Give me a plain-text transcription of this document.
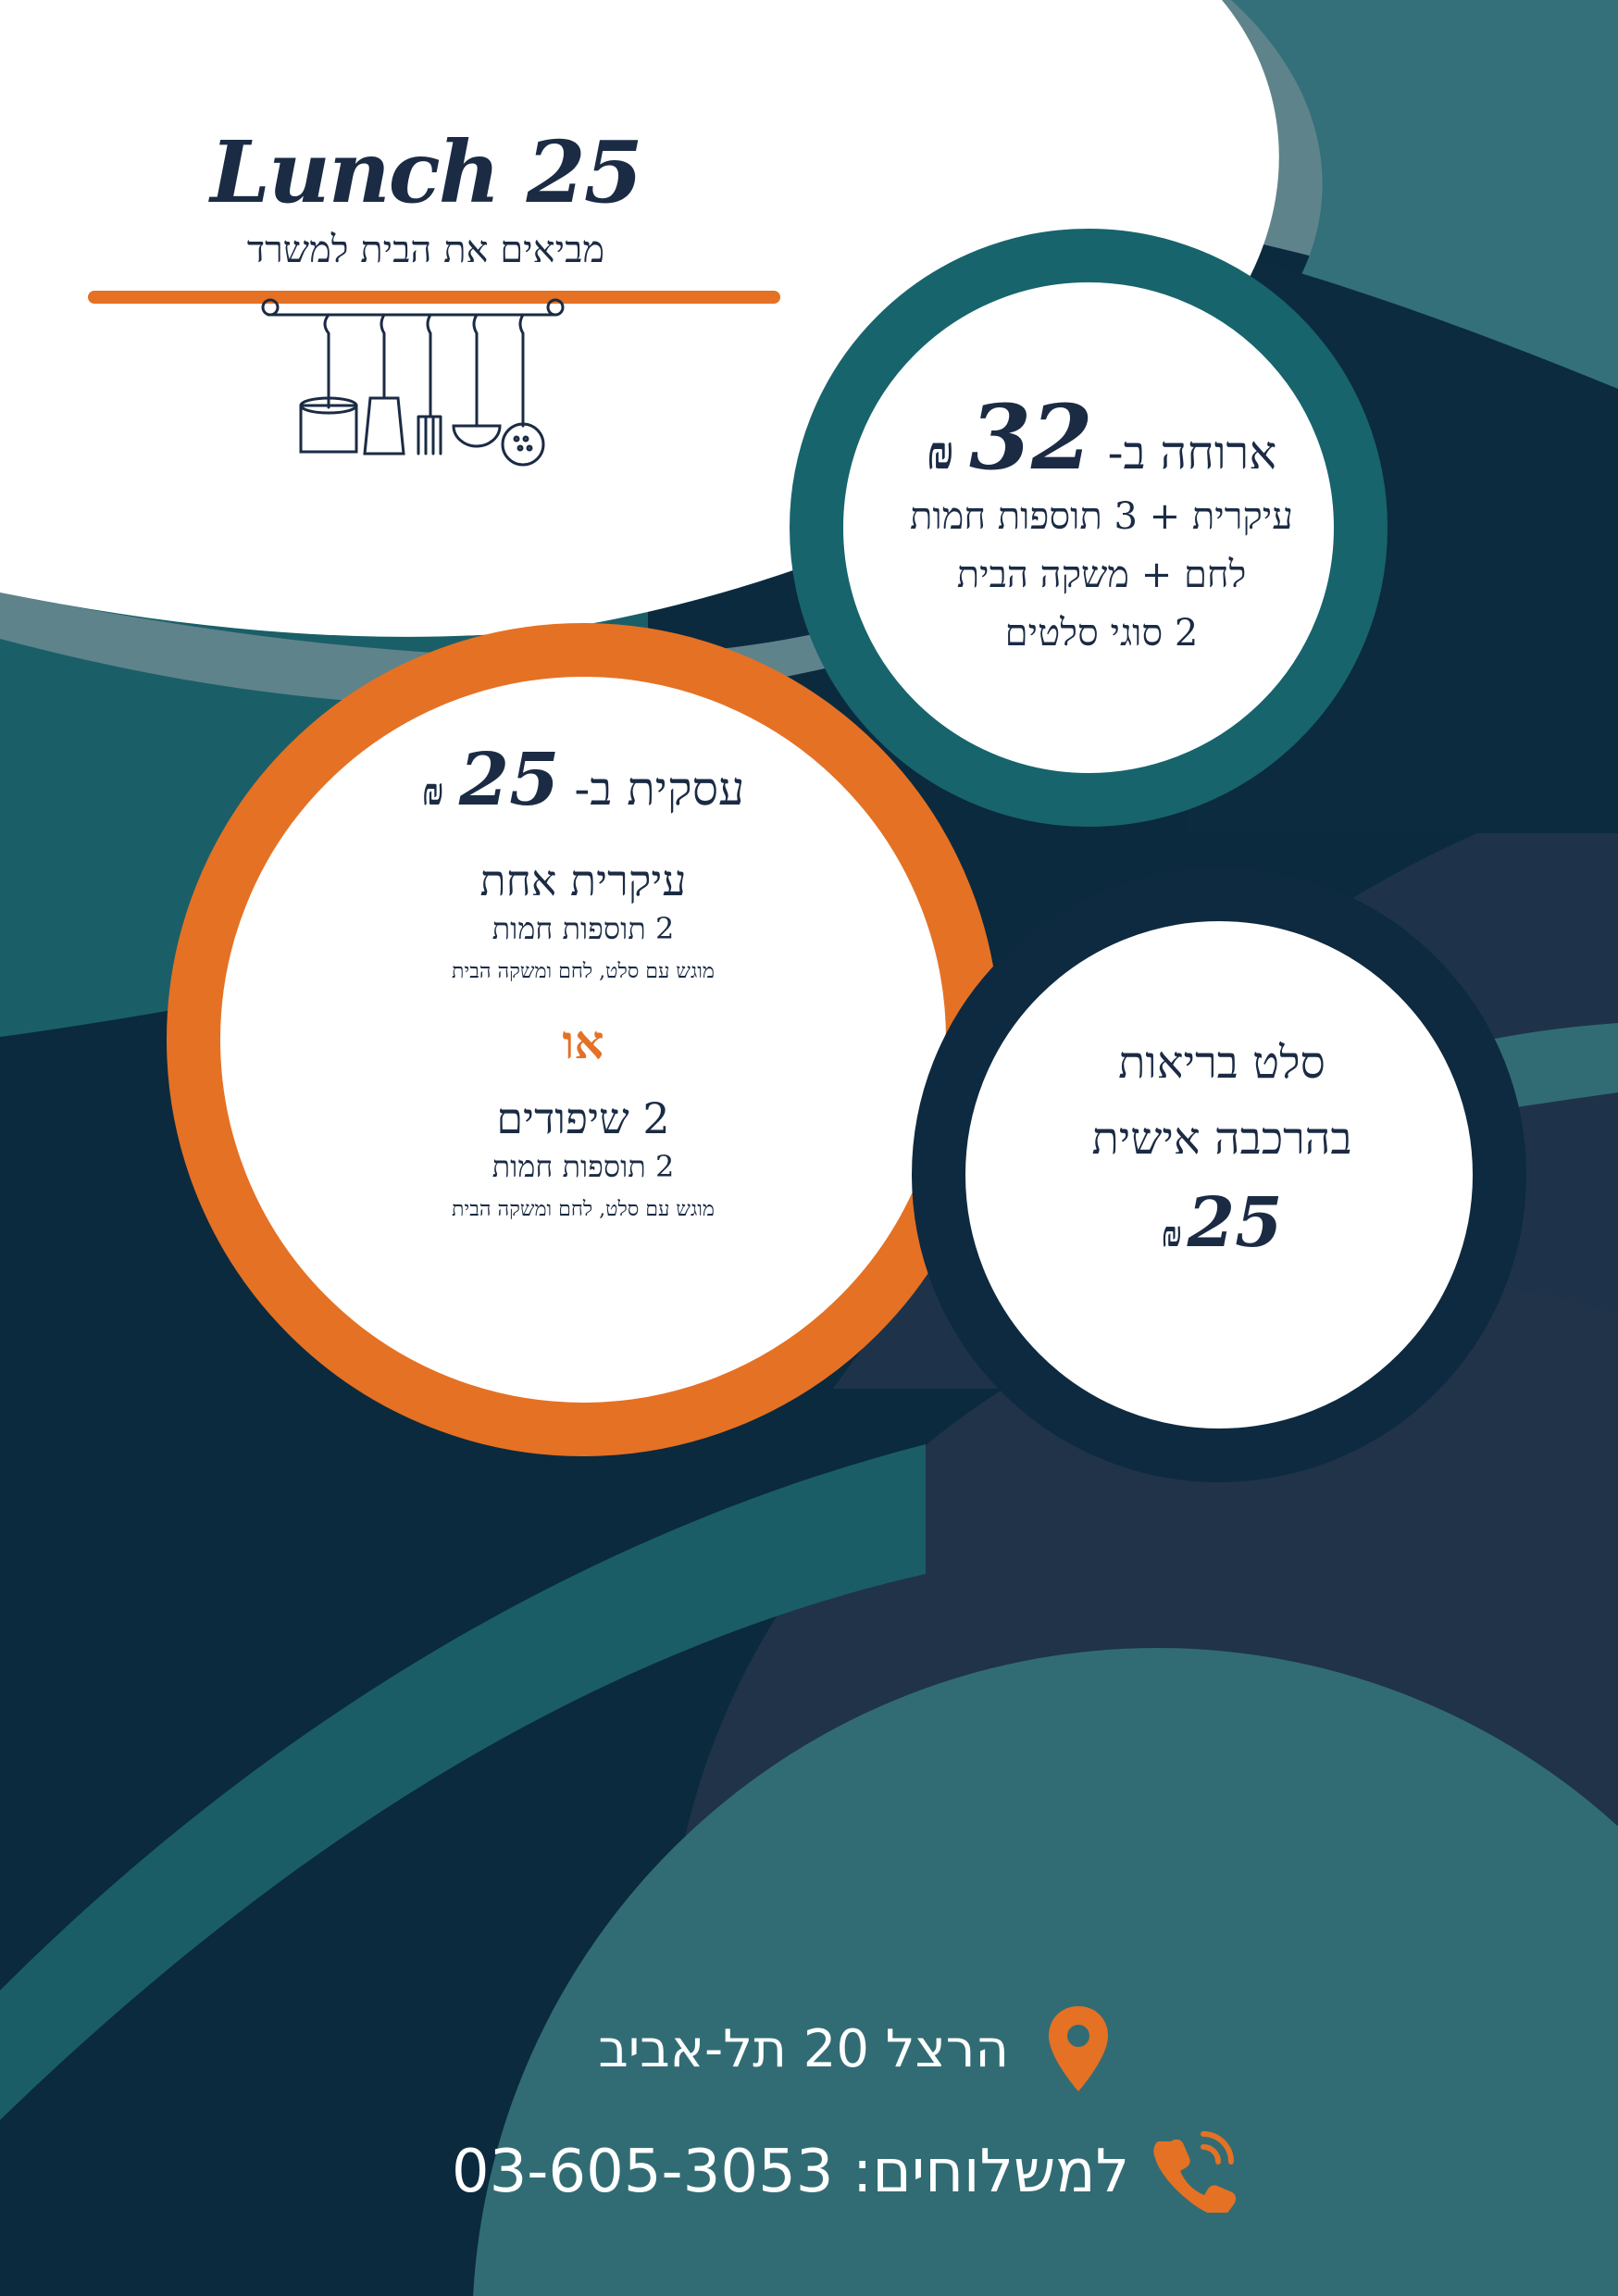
Lunch 25
מביאים את הבית למשרד
ארוחה ב- 32 ₪
עיקרית + 3 תוספות חמות
לחם + משקה הבית
2 סוגי סלטים
עסקית ב- 25 ₪
עיקרית אחת
2 תוספות חמות
מוגש עם סלט, לחם ומשקה הבית
או
2 שיפודים
2 תוספות חמות
מוגש עם סלט, לחם ומשקה הבית
סלט בריאות
בהרכבה אישית
25 ₪
הרצל 20 תל-אביב
למשלוחים: 03-605-3053
